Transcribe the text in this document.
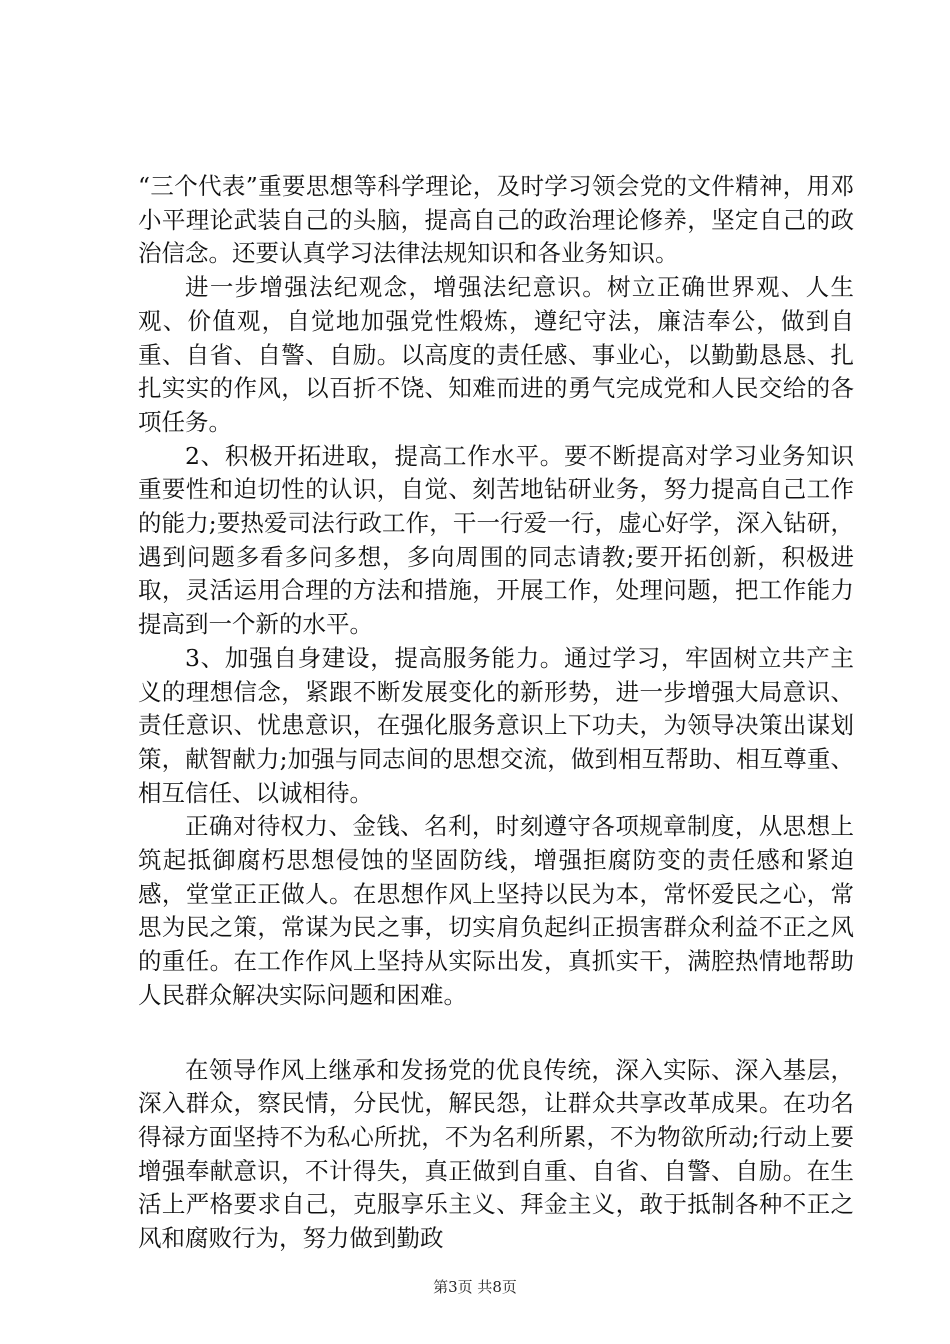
“三个代表”重要思想等科学理论，及时学习领会党的文件精神，用邓小平理论武装自己的头脑，提高自己的政治理论修养，坚定自己的政治信念。还要认真学习法律法规知识和各业务知识。

进一步增强法纪观念，增强法纪意识。树立正确世界观、人生观、价值观，自觉地加强党性煅炼，遵纪守法，廉洁奉公，做到自重、自省、自警、自励。以高度的责任感、事业心，以勤勤恳恳、扎扎实实的作风，以百折不饶、知难而进的勇气完成党和人民交给的各项任务。

2、积极开拓进取，提高工作水平。要不断提高对学习业务知识重要性和迫切性的认识，自觉、刻苦地钻研业务，努力提高自己工作的能力;要热爱司法行政工作，干一行爱一行，虚心好学，深入钻研，遇到问题多看多问多想，多向周围的同志请教;要开拓创新，积极进取，灵活运用合理的方法和措施，开展工作，处理问题，把工作能力提高到一个新的水平。

3、加强自身建设，提高服务能力。通过学习，牢固树立共产主义的理想信念，紧跟不断发展变化的新形势，进一步增强大局意识、责任意识、忧患意识，在强化服务意识上下功夫，为领导决策出谋划策，献智献力;加强与同志间的思想交流，做到相互帮助、相互尊重、相互信任、以诚相待。

正确对待权力、金钱、名利，时刻遵守各项规章制度，从思想上筑起抵御腐朽思想侵蚀的坚固防线，增强拒腐防变的责任感和紧迫感，堂堂正正做人。在思想作风上坚持以民为本，常怀爱民之心，常思为民之策，常谋为民之事，切实肩负起纠正损害群众利益不正之风的重任。在工作作风上坚持从实际出发，真抓实干，满腔热情地帮助人民群众解决实际问题和困难。

在领导作风上继承和发扬党的优良传统，深入实际、深入基层，深入群众，察民情，分民忧，解民怨，让群众共享改革成果。在功名得禄方面坚持不为私心所扰，不为名利所累，不为物欲所动;行动上要增强奉献意识，不计得失，真正做到自重、自省、自警、自励。在生活上严格要求自己，克服享乐主义、拜金主义，敢于抵制各种不正之风和腐败行为，努力做到勤政

第3页 共8页
